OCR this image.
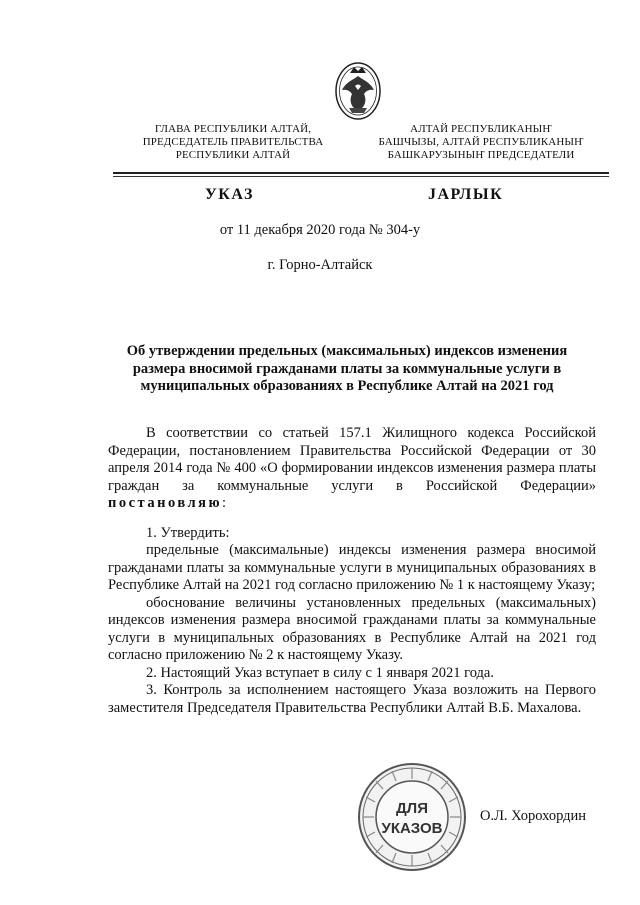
ГЛАВА РЕСПУБЛИКИ АЛТАЙ,
ПРЕДСЕДАТЕЛЬ ПРАВИТЕЛЬСТВА
РЕСПУБЛИКИ АЛТАЙ
АЛТАЙ РЕСПУБЛИКАНЫҤ
БАШЧЫЗЫ, АЛТАЙ РЕСПУБЛИКАНЫҤ
БАШКАРУЗЫНЫҤ ПРЕДСЕДАТЕЛИ
УКАЗ	JАРЛЫК
от 11 декабря 2020 года № 304-у
г. Горно-Алтайск
Об утверждении предельных (максимальных) индексов изменения размера вносимой гражданами платы за коммунальные услуги в муниципальных образованиях в Республике Алтай на 2021 год

В соответствии со статьей 157.1 Жилищного кодекса Российской Федерации, постановлением Правительства Российской Федерации от 30 апреля 2014 года № 400 «О формировании индексов изменения размера платы граждан за коммунальные услуги в Российской Федерации» постановляю:

1. Утвердить:

предельные (максимальные) индексы изменения размера вносимой гражданами платы за коммунальные услуги в муниципальных образованиях в Республике Алтай на 2021 год согласно приложению № 1 к настоящему Указу;

обоснование величины установленных предельных (максимальных) индексов изменения размера вносимой гражданами платы за коммунальные услуги в муниципальных образованиях в Республике Алтай на 2021 год согласно приложению № 2 к настоящему Указу.

2. Настоящий Указ вступает в силу с 1 января 2021 года.

3. Контроль за исполнением настоящего Указа возложить на Первого заместителя Председателя Правительства Республики Алтай В.Б. Махалова.

ДЛЯ
УКАЗОВ
О.Л. Хорохордин
